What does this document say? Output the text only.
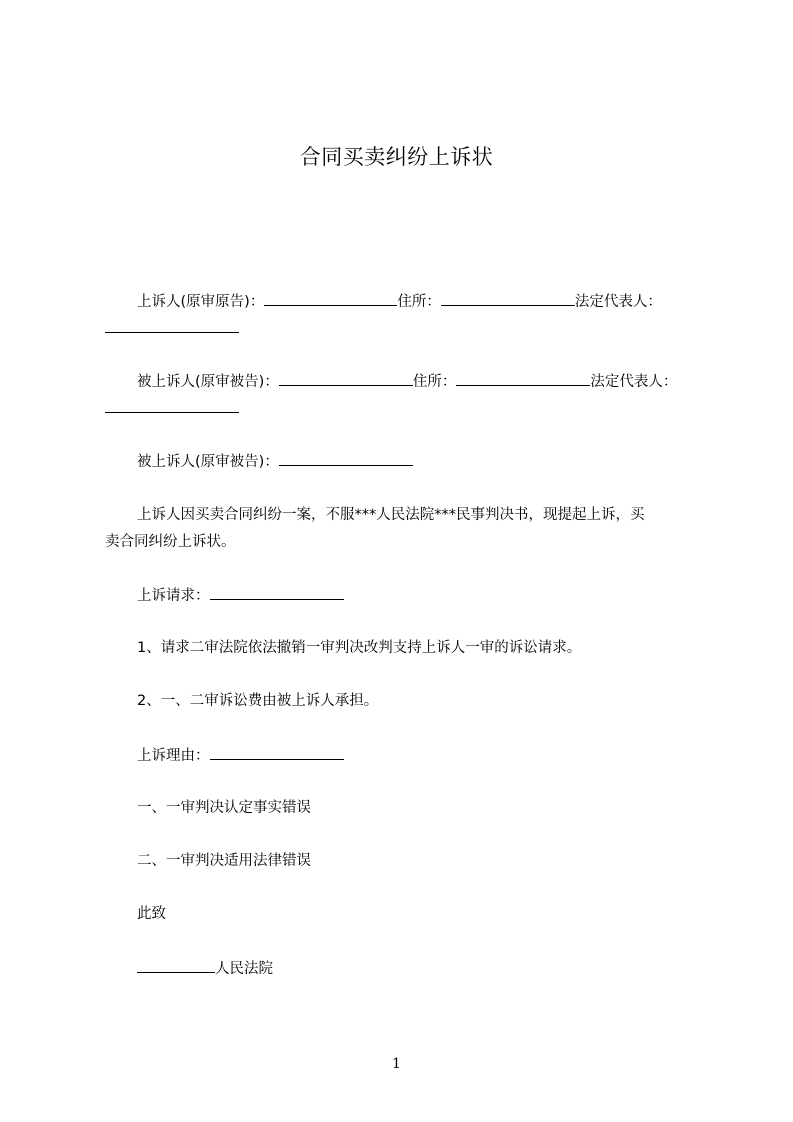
合同买卖纠纷上诉状
上诉人(原审原告)：	住所：	法定代表人：
被上诉人(原审被告)：	住所：	法定代表人：
被上诉人(原审被告)：
上诉人因买卖合同纠纷一案，不服***人民法院***民事判决书，现提起上诉，买
卖合同纠纷上诉状。
上诉请求：
1、请求二审法院依法撤销一审判决改判支持上诉人一审的诉讼请求。
2、一、二审诉讼费由被上诉人承担。
上诉理由：
一、一审判决认定事实错误
二、一审判决适用法律错误
此致
人民法院
1
